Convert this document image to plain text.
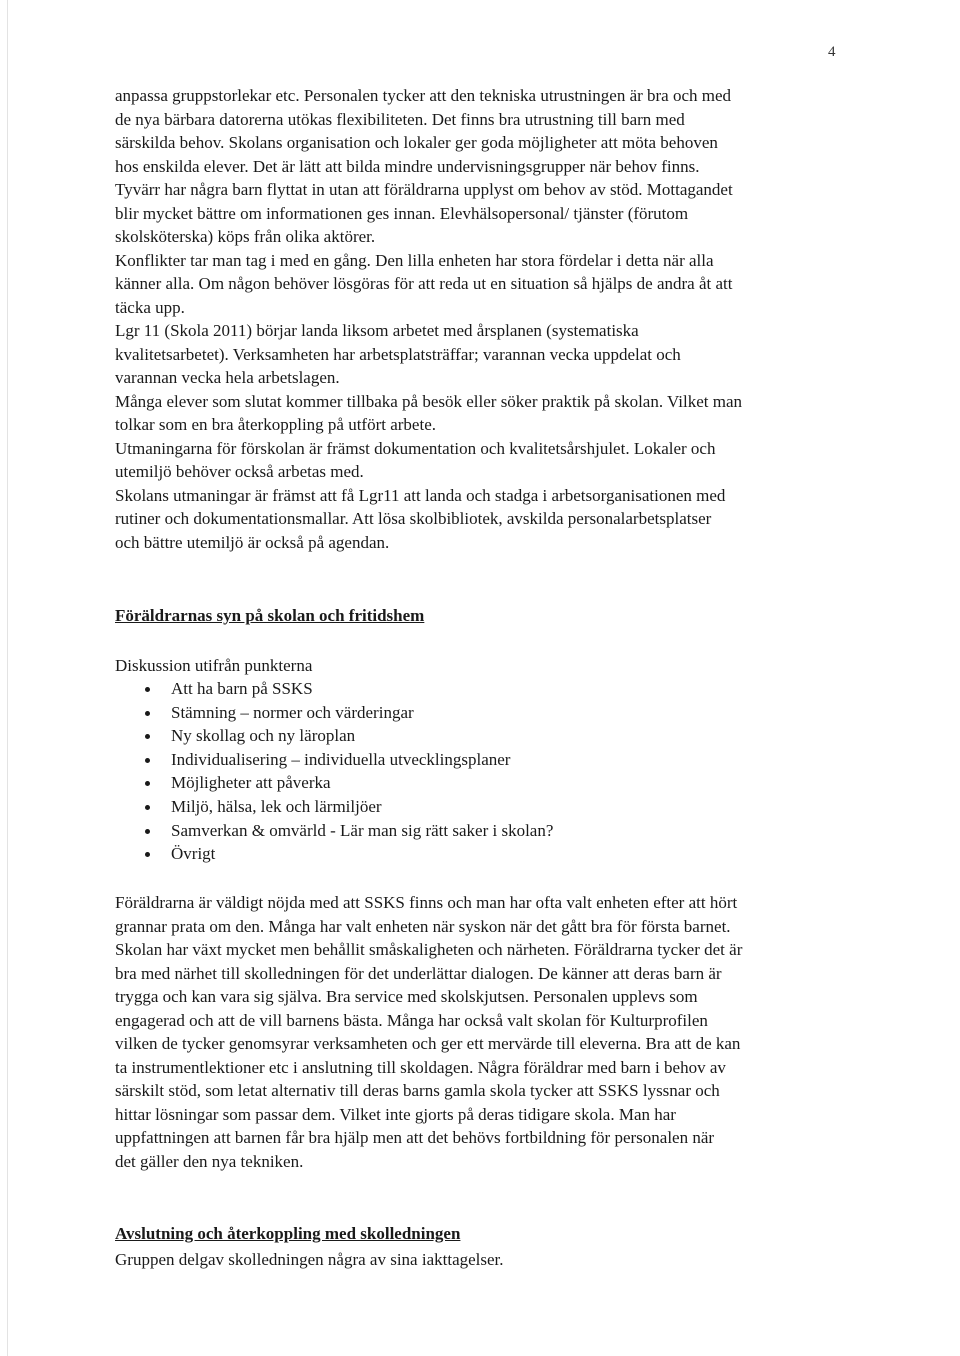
4
anpassa gruppstorlekar etc. Personalen tycker att den tekniska utrustningen är bra och med
de nya bärbara datorerna utökas flexibiliteten. Det finns bra utrustning till barn med
särskilda behov. Skolans organisation och lokaler ger goda möjligheter att möta behoven
hos enskilda elever. Det är lätt att bilda mindre undervisningsgrupper när behov finns.
Tyvärr har några barn flyttat in utan att föräldrarna upplyst om behov av stöd. Mottagandet
blir mycket bättre om informationen ges innan. Elevhälsopersonal/ tjänster (förutom
skolsköterska) köps från olika aktörer.
Konflikter tar man tag i med en gång. Den lilla enheten har stora fördelar i detta när alla
känner alla. Om någon behöver lösgöras för att reda ut en situation så hjälps de andra åt att
täcka upp.
Lgr 11 (Skola 2011) börjar landa liksom arbetet med årsplanen (systematiska
kvalitetsarbetet). Verksamheten har arbetsplatsträffar; varannan vecka uppdelat och
varannan vecka hela arbetslagen.
Många elever som slutat kommer tillbaka på besök eller söker praktik på skolan. Vilket man
tolkar som en bra återkoppling på utfört arbete.
Utmaningarna för förskolan är främst dokumentation och kvalitetsårshjulet. Lokaler och
utemiljö behöver också arbetas med.
Skolans utmaningar är främst att få Lgr11 att landa och stadga i arbetsorganisationen med
rutiner och dokumentationsmallar. Att lösa skolbibliotek, avskilda personalarbetsplatser
och bättre utemiljö är också på agendan.
Föräldrarnas syn på skolan och fritidshem
Diskussion utifrån punkterna
Att ha barn på SSKS
Stämning – normer och värderingar
Ny skollag och ny läroplan
Individualisering – individuella utvecklingsplaner
Möjligheter att påverka
Miljö, hälsa, lek och lärmiljöer
Samverkan & omvärld - Lär man sig rätt saker i skolan?
Övrigt
Föräldrarna är väldigt nöjda med att SSKS finns och man har ofta valt enheten efter att hört
grannar prata om den. Många har valt enheten när syskon när det gått bra för första barnet.
Skolan har växt mycket men behållit småskaligheten och närheten. Föräldrarna tycker det är
bra med närhet till skolledningen för det underlättar dialogen. De känner att deras barn är
trygga och kan vara sig själva. Bra service med skolskjutsen. Personalen upplevs som
engagerad och att de vill barnens bästa. Många har också valt skolan för Kulturprofilen
vilken de tycker genomsyrar verksamheten och ger ett mervärde till eleverna. Bra att de kan
ta instrumentlektioner etc i anslutning till skoldagen. Några föräldrar med barn i behov av
särskilt stöd, som letat alternativ till deras barns gamla skola tycker att SSKS lyssnar och
hittar lösningar som passar dem. Vilket inte gjorts på deras tidigare skola. Man har
uppfattningen att barnen får bra hjälp men att det behövs fortbildning för personalen när
det gäller den nya tekniken.
Avslutning och återkoppling med skolledningen
Gruppen delgav skolledningen några av sina iakttagelser.
